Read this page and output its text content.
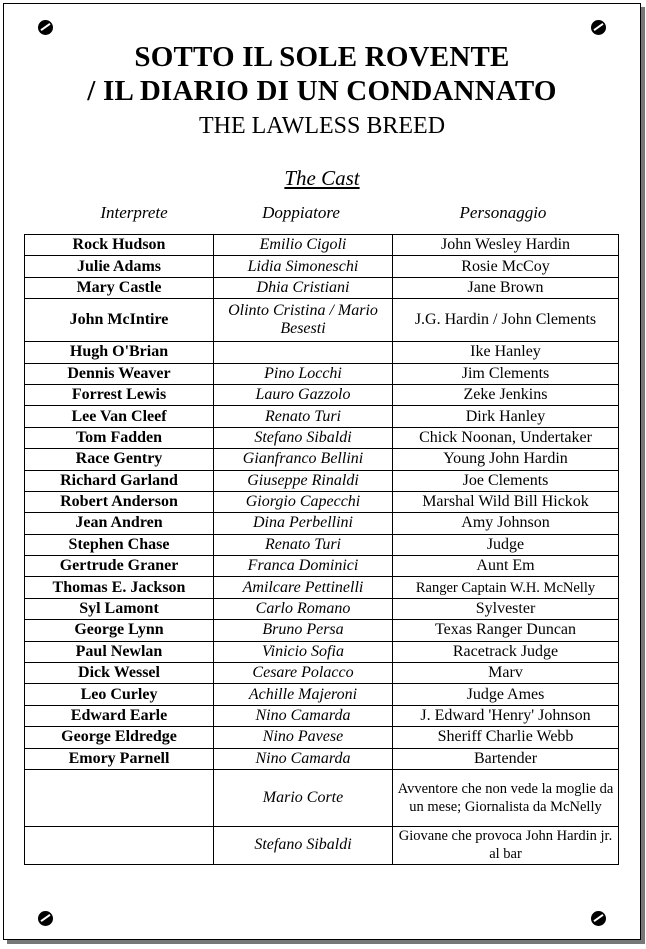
SOTTO IL SOLE ROVENTE
/ IL DIARIO DI UN CONDANNATO
THE LAWLESS BREED
The Cast
Interprete	Doppiatore	Personaggio
Rock Hudson	Emilio Cigoli	John Wesley Hardin
Julie Adams	Lidia Simoneschi	Rosie McCoy
Mary Castle	Dhia Cristiani	Jane Brown
John McIntire	Olinto Cristina / Mario Besesti	J.G. Hardin / John Clements
Hugh O'Brian		Ike Hanley
Dennis Weaver	Pino Locchi	Jim Clements
Forrest Lewis	Lauro Gazzolo	Zeke Jenkins
Lee Van Cleef	Renato Turi	Dirk Hanley
Tom Fadden	Stefano Sibaldi	Chick Noonan, Undertaker
Race Gentry	Gianfranco Bellini	Young John Hardin
Richard Garland	Giuseppe Rinaldi	Joe Clements
Robert Anderson	Giorgio Capecchi	Marshal Wild Bill Hickok
Jean Andren	Dina Perbellini	Amy Johnson
Stephen Chase	Renato Turi	Judge
Gertrude Graner	Franca Dominici	Aunt Em
Thomas E. Jackson	Amilcare Pettinelli	Ranger Captain W.H. McNelly
Syl Lamont	Carlo Romano	Sylvester
George Lynn	Bruno Persa	Texas Ranger Duncan
Paul Newlan	Vinicio Sofia	Racetrack Judge
Dick Wessel	Cesare Polacco	Marv
Leo Curley	Achille Majeroni	Judge Ames
Edward Earle	Nino Camarda	J. Edward 'Henry' Johnson
George Eldredge	Nino Pavese	Sheriff Charlie Webb
Emory Parnell	Nino Camarda	Bartender
	Mario Corte	Avventore che non vede la moglie da un mese; Giornalista da McNelly
	Stefano Sibaldi	Giovane che provoca John Hardin jr. al bar
